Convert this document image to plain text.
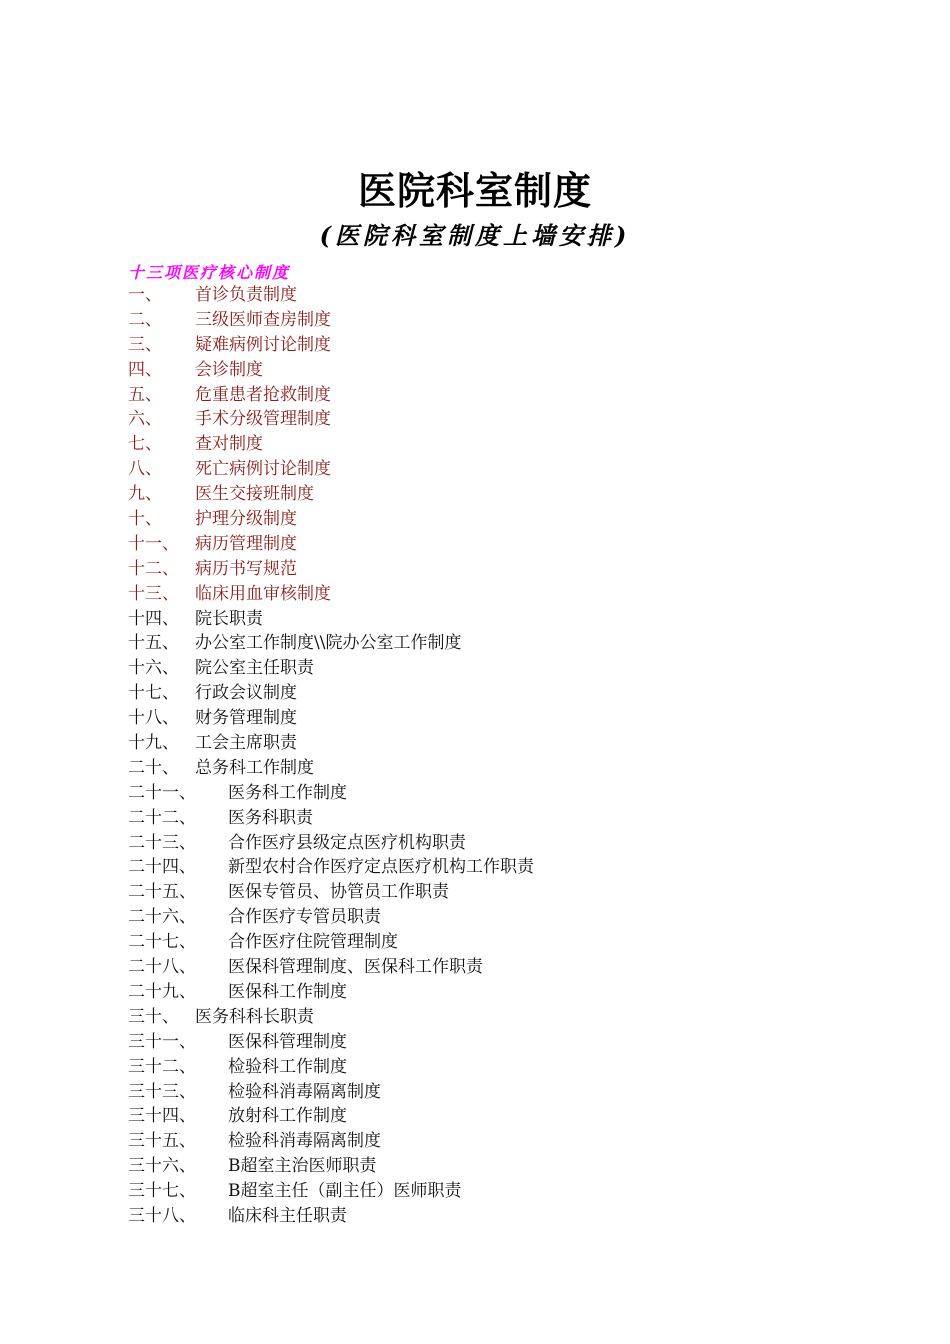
医院科室制度
(医院科室制度上墙安排)
十三项医疗核心制度
一、 首诊负责制度
二、 三级医师查房制度
三、 疑难病例讨论制度
四、 会诊制度
五、 危重患者抢救制度
六、 手术分级管理制度
七、 查对制度
八、 死亡病例讨论制度
九、 医生交接班制度
十、 护理分级制度
十一、 病历管理制度
十二、 病历书写规范
十三、 临床用血审核制度
十四、 院长职责
十五、 办公室工作制度\\院办公室工作制度
十六、 院公室主任职责
十七、 行政会议制度
十八、 财务管理制度
十九、 工会主席职责
二十、 总务科工作制度
二十一、 医务科工作制度
二十二、 医务科职责
二十三、 合作医疗县级定点医疗机构职责
二十四、 新型农村合作医疗定点医疗机构工作职责
二十五、 医保专管员、协管员工作职责
二十六、 合作医疗专管员职责
二十七、 合作医疗住院管理制度
二十八、 医保科管理制度、医保科工作职责
二十九、 医保科工作制度
三十、 医务科科长职责
三十一、 医保科管理制度
三十二、 检验科工作制度
三十三、 检验科消毒隔离制度
三十四、 放射科工作制度
三十五、 检验科消毒隔离制度
三十六、 B超室主治医师职责
三十七、 B超室主任（副主任）医师职责
三十八、 临床科主任职责
